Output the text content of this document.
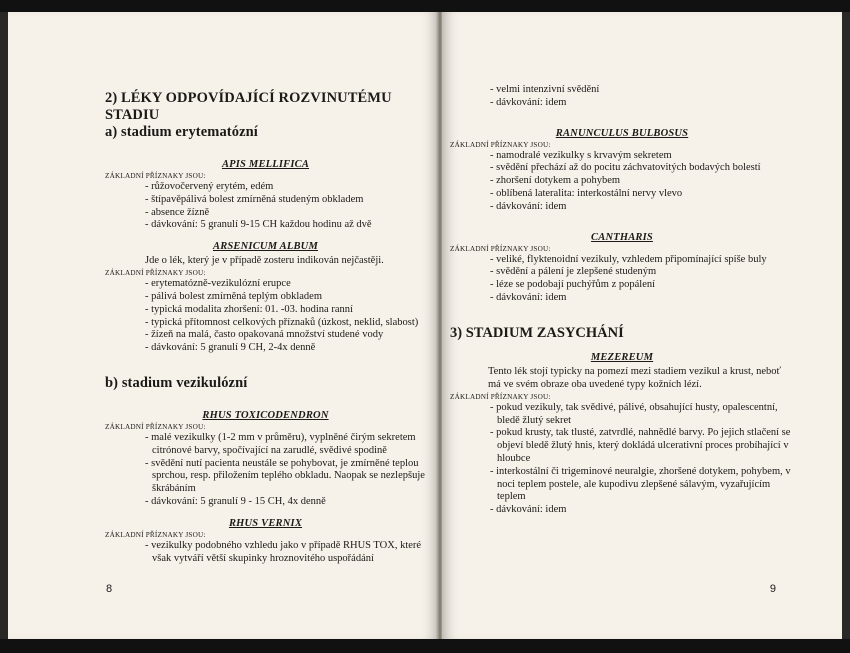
2) LÉKY ODPOVÍDAJÍCÍ ROZVINUTÉMU STADIU
a) stadium erytematózní
APIS MELLIFICA
ZÁKLADNÍ PŘÍZNAKY JSOU:
- růžovočervený erytém, edém
- štípavěpálivá bolest zmírněná studeným obkladem
- absence žízně
- dávkování: 5 granulí 9-15 CH každou hodinu až dvě
ARSENICUM ALBUM
Jde o lék, který je v případě zosteru indikován nejčastěji.
ZÁKLADNÍ PŘÍZNAKY JSOU:
- erytematózně-vezikulózní erupce
- pálivá bolest zmírněná teplým obkladem
- typická modalita zhoršení: 01. -03. hodina ranní
- typická přítomnost celkových příznaků (úzkost, neklid, slabost)
- žízeň na malá, často opakovaná množství studené vody
- dávkování: 5 granulí 9 CH, 2-4x denně
b) stadium vezikulózní
RHUS TOXICODENDRON
ZÁKLADNÍ PŘÍZNAKY JSOU:
- malé vezikulky (1-2 mm v průměru), vyplněné čirým sekretem citrónové barvy, spočívající na zarudlé, svědivé spodině
- svědění nutí pacienta neustále se pohybovat, je zmírněné teplou sprchou, resp. přiložením teplého obkladu. Naopak se nezlepšuje škrábáním
- dávkování: 5 granulí 9 - 15 CH, 4x denně
RHUS VERNIX
ZÁKLADNÍ PŘÍZNAKY JSOU:
- vezikulky podobného vzhledu jako v případě RHUS TOX, které však vytváří větší skupinky hroznovitého uspořádání
8
- velmi intenzivní svědění
- dávkování: idem
RANUNCULUS BULBOSUS
ZÁKLADNÍ PŘÍZNAKY JSOU:
- namodralé vezikulky s krvavým sekretem
- svědění přechází až do pocitu záchvatovitých bodavých bolestí
- zhoršení dotykem a pohybem
- oblíbená lateralita: interkostální nervy vlevo
- dávkování: idem
CANTHARIS
ZÁKLADNÍ PŘÍZNAKY JSOU:
- veliké, flyktenoidní vezikuly, vzhledem připomínající spíše buly
- svědění a pálení je zlepšené studeným
- léze se podobají puchýřům z popálení
- dávkování: idem
3) STADIUM ZASYCHÁNÍ
MEZEREUM
Tento lék stojí typicky na pomezí mezi stadiem vezikul a krust, neboť má ve svém obraze oba uvedené typy kožních lézí.
ZÁKLADNÍ PŘÍZNAKY JSOU:
- pokud vezikuly, tak svědivé, pálivé, obsahující husty, opalescentní, bledě žlutý sekret
- pokud krusty, tak tlusté, zatvrdlé, nahnědlé barvy. Po jejich stlačení se objeví bledě žlutý hnis, který dokládá ulcerativní proces probíhající v hloubce
- interkostální či trigeminové neuralgie, zhoršené dotykem, pohybem, v noci teplem postele, ale kupodivu zlepšené sálavým, vyzařujícím teplem
- dávkování: idem
9
